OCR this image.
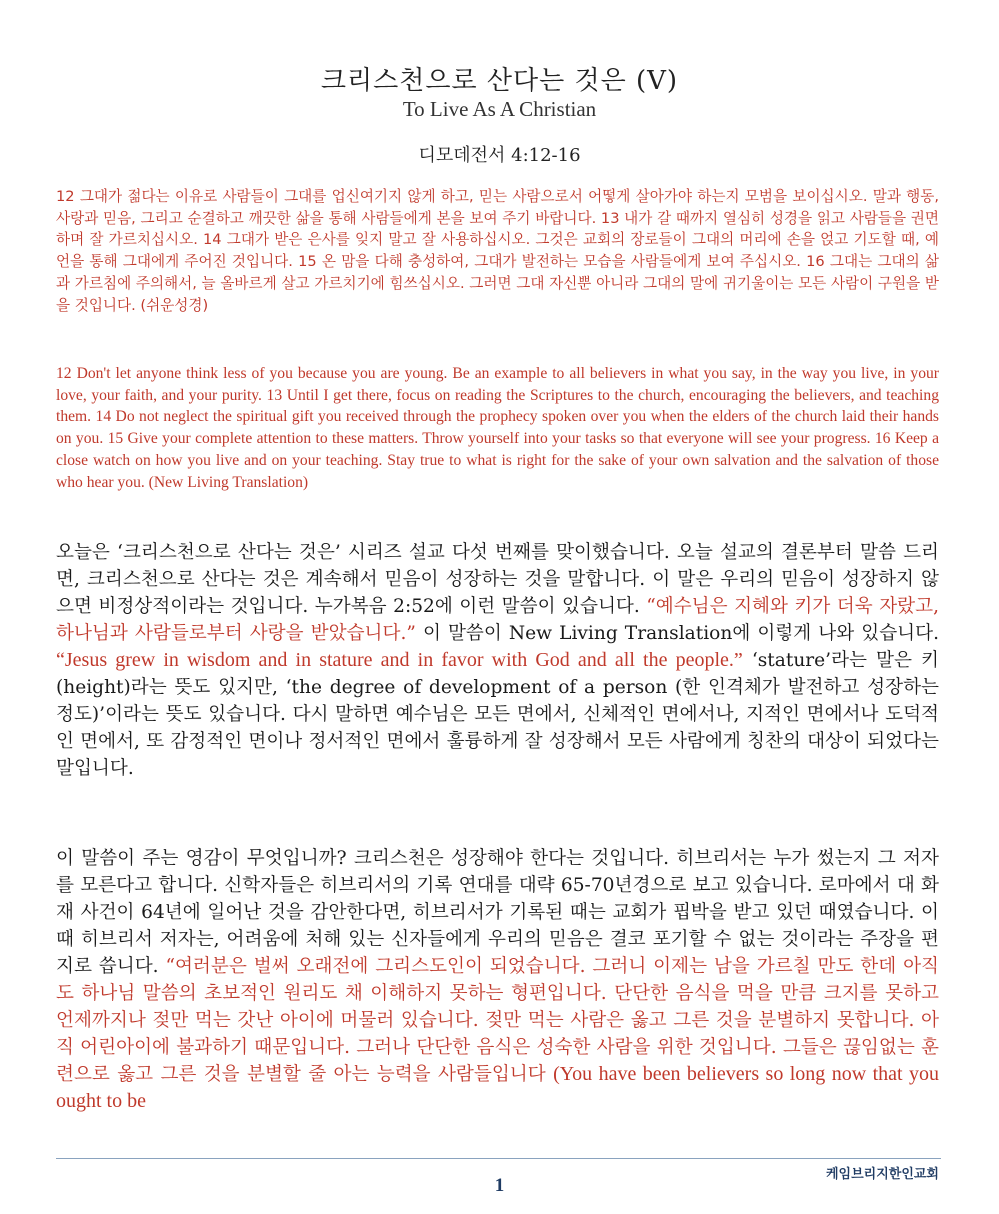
크리스천으로 산다는 것은 (V)
To Live As A Christian
디모데전서 4:12-16

12 그대가 젊다는 이유로 사람들이 그대를 업신여기지 않게 하고, 믿는 사람으로서 어떻게 살아가야 하는지 모범을 보이십시오. 말과 행동, 사랑과 믿음, 그리고 순결하고 깨끗한 삶을 통해 사람들에게 본을 보여 주기 바랍니다. 13 내가 갈 때까지 열심히 성경을 읽고 사람들을 권면하며 잘 가르치십시오. 14 그대가 받은 은사를 잊지 말고 잘 사용하십시오. 그것은 교회의 장로들이 그대의 머리에 손을 얹고 기도할 때, 예언을 통해 그대에게 주어진 것입니다. 15 온 맘을 다해 충성하여, 그대가 발전하는 모습을 사람들에게 보여 주십시오. 16 그대는 그대의 삶과 가르침에 주의해서, 늘 올바르게 살고 가르치기에 힘쓰십시오. 그러면 그대 자신뿐 아니라 그대의 말에 귀기울이는 모든 사람이 구원을 받을 것입니다. (쉬운성경)

12 Don't let anyone think less of you because you are young. Be an example to all believers in what you say, in the way you live, in your love, your faith, and your purity. 13 Until I get there, focus on reading the Scriptures to the church, encouraging the believers, and teaching them. 14 Do not neglect the spiritual gift you received through the prophecy spoken over you when the elders of the church laid their hands on you. 15 Give your complete attention to these matters. Throw yourself into your tasks so that everyone will see your progress. 16 Keep a close watch on how you live and on your teaching. Stay true to what is right for the sake of your own salvation and the salvation of those who hear you. (New Living Translation)

오늘은 ‘크리스천으로 산다는 것은’ 시리즈 설교 다섯 번째를 맞이했습니다. 오늘 설교의 결론부터 말씀 드리면, 크리스천으로 산다는 것은 계속해서 믿음이 성장하는 것을 말합니다. 이 말은 우리의 믿음이 성장하지 않으면 비정상적이라는 것입니다. 누가복음 2:52에 이런 말씀이 있습니다. “예수님은 지혜와 키가 더욱 자랐고, 하나님과 사람들로부터 사랑을 받았습니다.” 이 말씀이 New Living Translation에 이렇게 나와 있습니다. “Jesus grew in wisdom and in stature and in favor with God and all the people.” ‘stature’라는 말은 키 (height)라는 뜻도 있지만, ‘the degree of development of a person (한 인격체가 발전하고 성장하는 정도)’이라는 뜻도 있습니다. 다시 말하면 예수님은 모든 면에서, 신체적인 면에서나, 지적인 면에서나 도덕적인 면에서, 또 감정적인 면이나 정서적인 면에서 훌륭하게 잘 성장해서 모든 사람에게 칭찬의 대상이 되었다는 말입니다.

이 말씀이 주는 영감이 무엇입니까? 크리스천은 성장해야 한다는 것입니다. 히브리서는 누가 썼는지 그 저자를 모른다고 합니다. 신학자들은 히브리서의 기록 연대를 대략 65-70년경으로 보고 있습니다. 로마에서 대 화재 사건이 64년에 일어난 것을 감안한다면, 히브리서가 기록된 때는 교회가 핍박을 받고 있던 때였습니다. 이 때 히브리서 저자는, 어려움에 처해 있는 신자들에게 우리의 믿음은 결코 포기할 수 없는 것이라는 주장을 편지로 씁니다. “여러분은 벌써 오래전에 그리스도인이 되었습니다. 그러니 이제는 남을 가르칠 만도 한데 아직도 하나님 말씀의 초보적인 원리도 채 이해하지 못하는 형편입니다. 단단한 음식을 먹을 만큼 크지를 못하고 언제까지나 젖만 먹는 갓난 아이에 머물러 있습니다. 젖만 먹는 사람은 옳고 그른 것을 분별하지 못합니다. 아직 어린아이에 불과하기 때문입니다. 그러나 단단한 음식은 성숙한 사람을 위한 것입니다. 그들은 끊임없는 훈련으로 옳고 그른 것을 분별할 줄 아는 능력을 사람들입니다 (You have been believers so long now that you ought to be

케임브리지한인교회
1
